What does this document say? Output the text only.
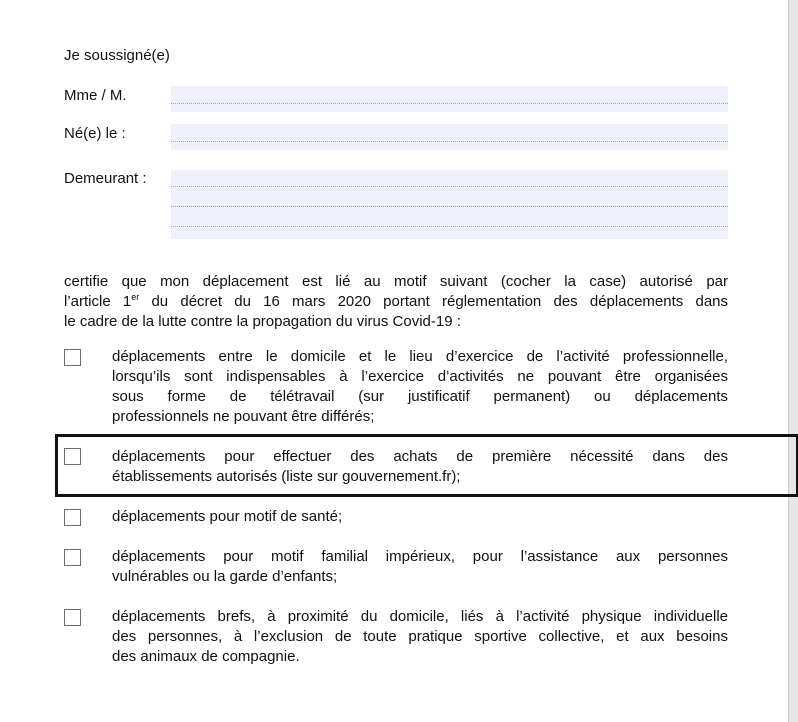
Je soussigné(e)
Mme / M.
Né(e) le :
Demeurant :
certifie que mon déplacement est lié au motif suivant (cocher la case) autorisé par
l’article 1er du décret du 16 mars 2020 portant réglementation des déplacements dans
le cadre de la lutte contre la propagation du virus Covid-19 :
déplacements entre le domicile et le lieu d’exercice de l’activité professionnelle,
lorsqu’ils sont indispensables à l’exercice d’activités ne pouvant être organisées
sous forme de télétravail (sur justificatif permanent) ou déplacements
professionnels ne pouvant être différés;
déplacements pour effectuer des achats de première nécessité dans des
établissements autorisés (liste sur gouvernement.fr);
déplacements pour motif de santé;
déplacements pour motif familial impérieux, pour l’assistance aux personnes
vulnérables ou la garde d’enfants;
déplacements brefs, à proximité du domicile, liés à l’activité physique individuelle
des personnes, à l’exclusion de toute pratique sportive collective, et aux besoins
des animaux de compagnie.
